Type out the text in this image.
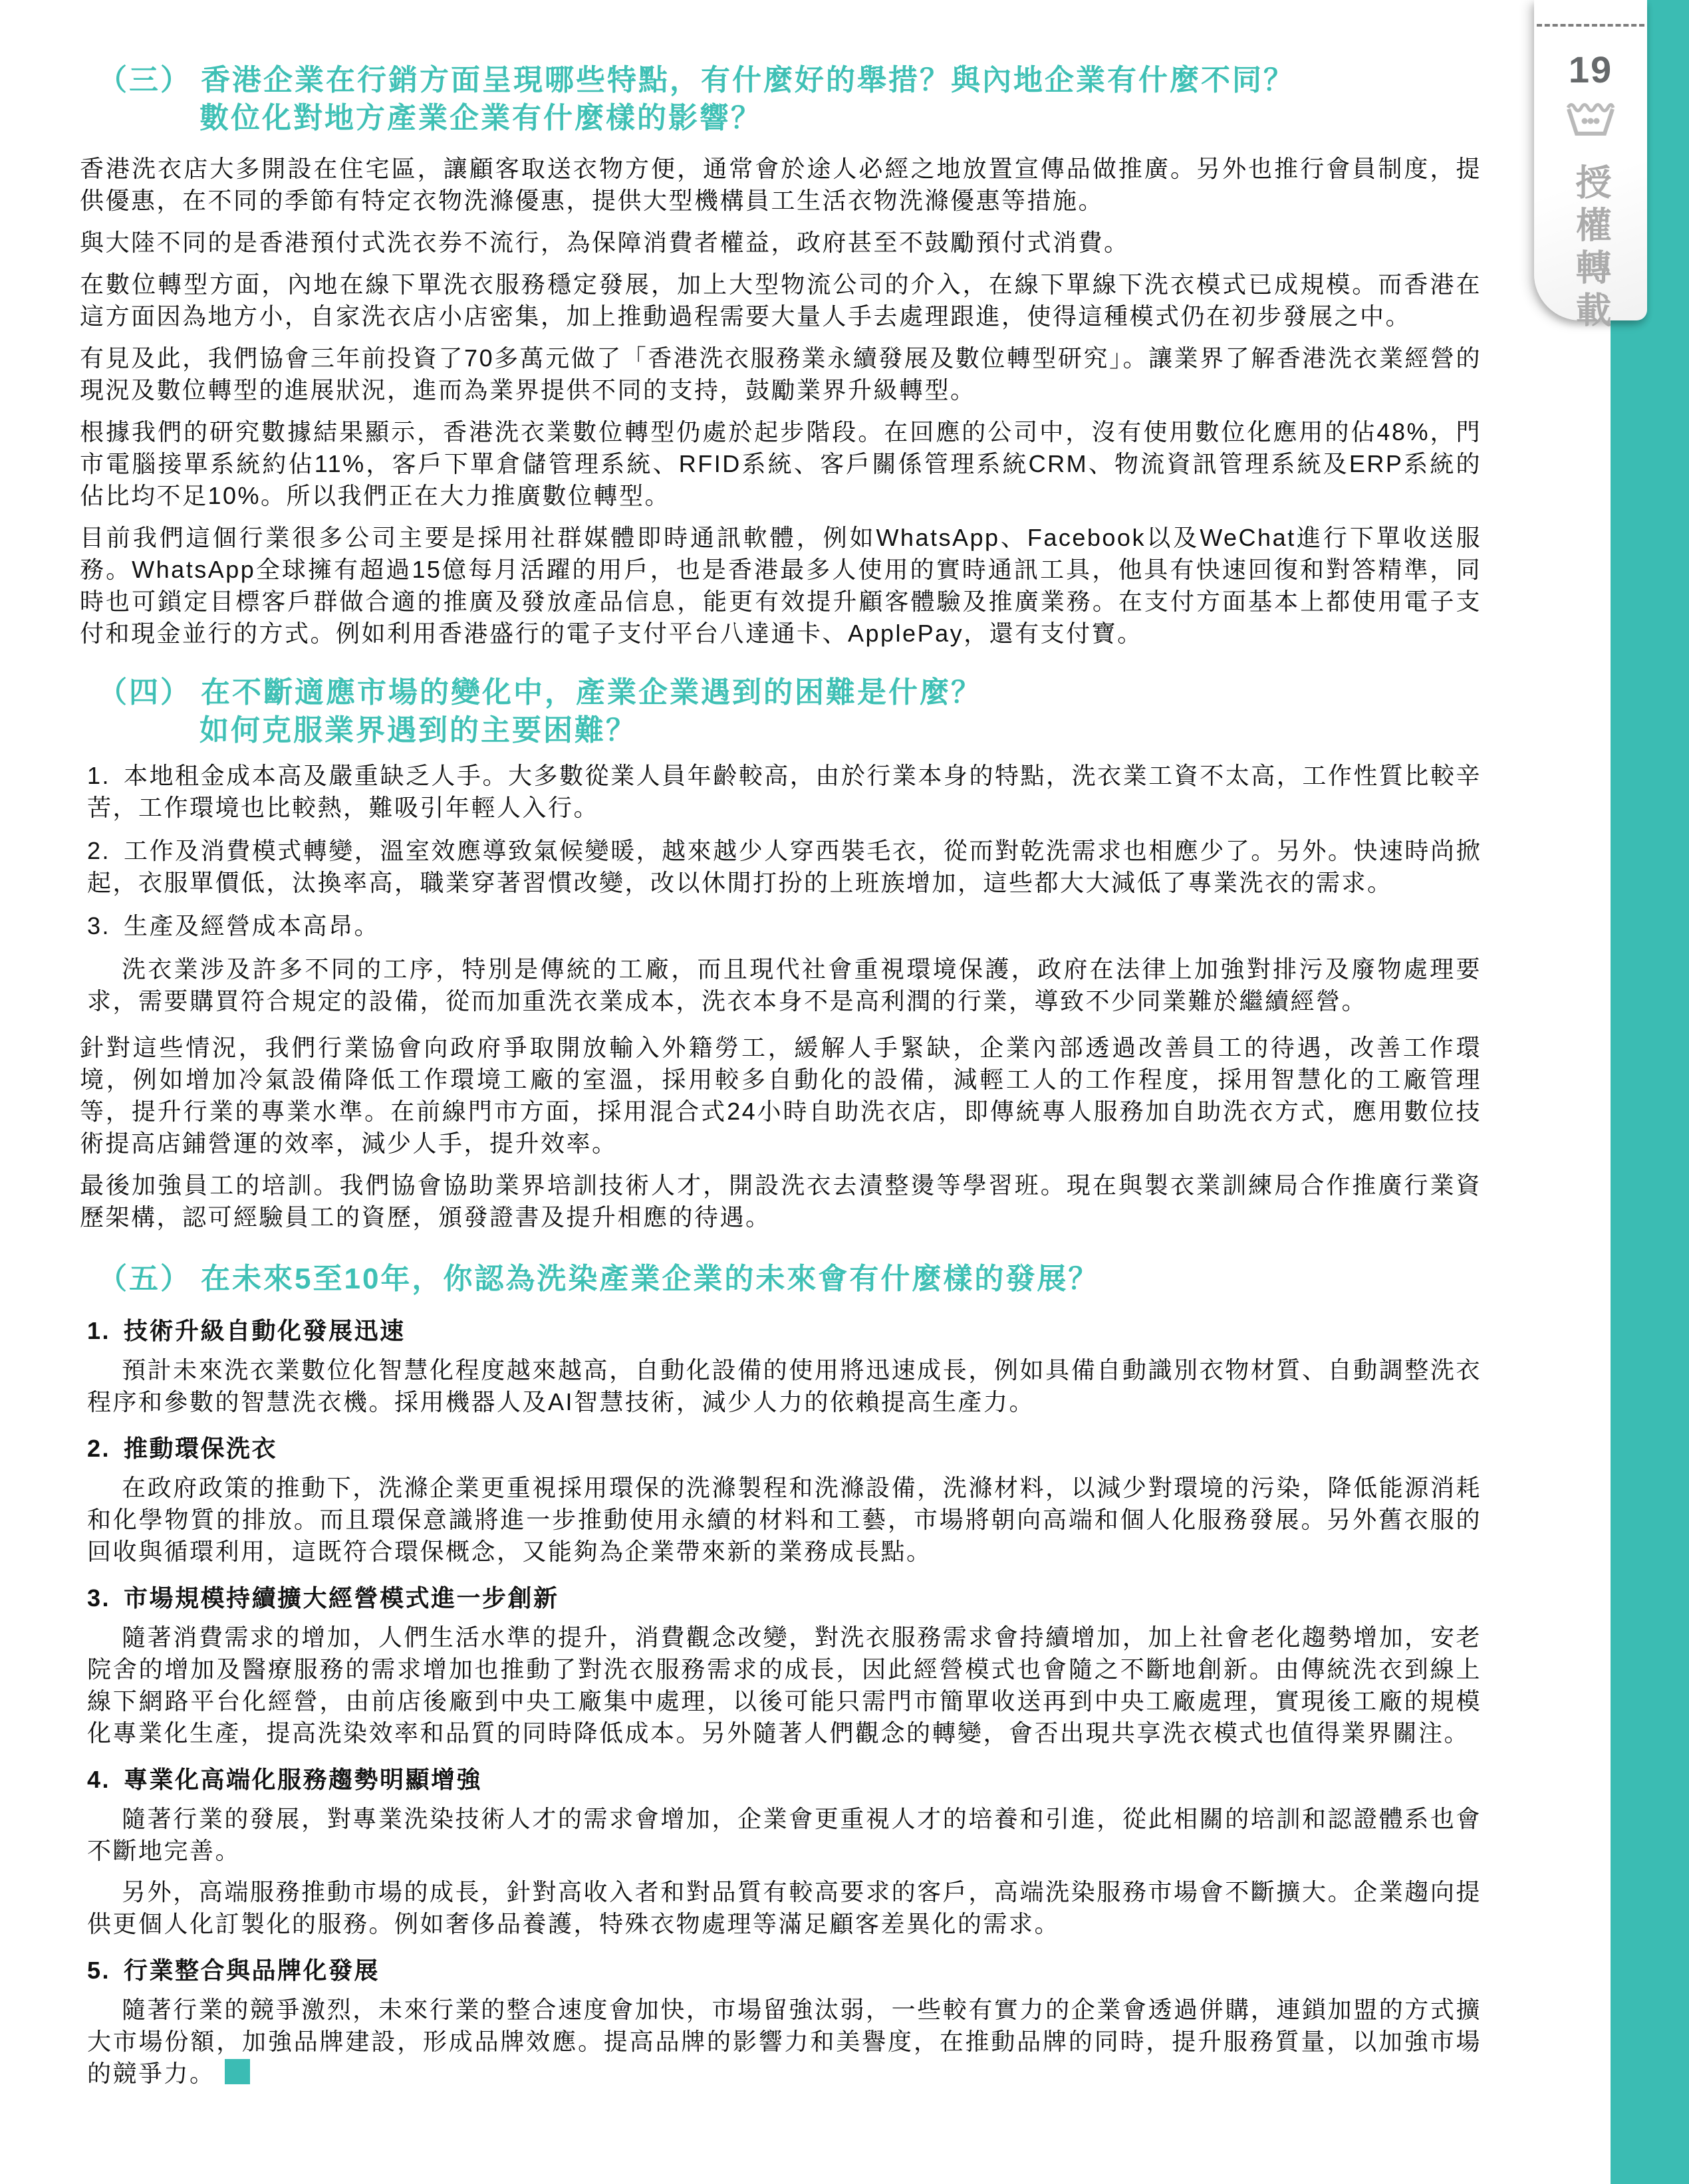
（三） 香港企業在行銷方面呈現哪些特點，有什麼好的舉措？與內地企業有什麼不同？
數位化對地方產業企業有什麼樣的影響？

香港洗衣店大多開設在住宅區，讓顧客取送衣物方便，通常會於途人必經之地放置宣傳品做推廣。另外也推行會員制度，提供優惠，在不同的季節有特定衣物洗滌優惠，提供大型機構員工生活衣物洗滌優惠等措施。

與大陸不同的是香港預付式洗衣券不流行，為保障消費者權益，政府甚至不鼓勵預付式消費。

在數位轉型方面，內地在線下單洗衣服務穩定發展，加上大型物流公司的介入，在線下單線下洗衣模式已成規模。而香港在這方面因為地方小，自家洗衣店小店密集，加上推動過程需要大量人手去處理跟進，使得這種模式仍在初步發展之中。

有見及此，我們協會三年前投資了70多萬元做了「香港洗衣服務業永續發展及數位轉型研究」。讓業界了解香港洗衣業經營的現況及數位轉型的進展狀況，進而為業界提供不同的支持，鼓勵業界升級轉型。

根據我們的研究數據結果顯示，香港洗衣業數位轉型仍處於起步階段。在回應的公司中，沒有使用數位化應用的佔48%，門市電腦接單系統約佔11%，客戶下單倉儲管理系統、RFID系統、客戶關係管理系統CRM、物流資訊管理系統及ERP系統的佔比均不足10%。所以我們正在大力推廣數位轉型。

目前我們這個行業很多公司主要是採用社群媒體即時通訊軟體，例如WhatsApp、Facebook以及WeChat進行下單收送服務。WhatsApp全球擁有超過15億每月活躍的用戶，也是香港最多人使用的實時通訊工具，他具有快速回復和對答精準，同時也可鎖定目標客戶群做合適的推廣及發放產品信息，能更有效提升顧客體驗及推廣業務。在支付方面基本上都使用電子支付和現金並行的方式。例如利用香港盛行的電子支付平台八達通卡、ApplePay，還有支付寶。

（四） 在不斷適應市場的變化中，產業企業遇到的困難是什麼？
如何克服業界遇到的主要困難？
1. 本地租金成本高及嚴重缺乏人手。大多數從業人員年齡較高，由於行業本身的特點，洗衣業工資不太高，工作性質比較辛苦，工作環境也比較熱，難吸引年輕人入行。
2. 工作及消費模式轉變，溫室效應導致氣候變暖，越來越少人穿西裝毛衣，從而對乾洗需求也相應少了。另外。快速時尚掀起，衣服單價低，汰換率高，職業穿著習慣改變，改以休閒打扮的上班族增加，這些都大大減低了專業洗衣的需求。
3. 生產及經營成本高昂。

洗衣業涉及許多不同的工序，特別是傳統的工廠，而且現代社會重視環境保護，政府在法律上加強對排污及廢物處理要求，需要購買符合規定的設備，從而加重洗衣業成本，洗衣本身不是高利潤的行業，導致不少同業難於繼續經營。

針對這些情況，我們行業協會向政府爭取開放輸入外籍勞工，緩解人手緊缺，企業內部透過改善員工的待遇，改善工作環境，例如增加冷氣設備降低工作環境工廠的室溫，採用較多自動化的設備，減輕工人的工作程度，採用智慧化的工廠管理等，提升行業的專業水準。在前線門市方面，採用混合式24小時自助洗衣店，即傳統專人服務加自助洗衣方式，應用數位技術提高店鋪營運的效率，減少人手，提升效率。

最後加強員工的培訓。我們協會協助業界培訓技術人才，開設洗衣去漬整燙等學習班。現在與製衣業訓練局合作推廣行業資歷架構，認可經驗員工的資歷，頒發證書及提升相應的待遇。

（五） 在未來5至10年，你認為洗染產業企業的未來會有什麼樣的發展？
1. 技術升級自動化發展迅速

預計未來洗衣業數位化智慧化程度越來越高，自動化設備的使用將迅速成長，例如具備自動識別衣物材質、自動調整洗衣程序和參數的智慧洗衣機。採用機器人及AI智慧技術，減少人力的依賴提高生產力。

2. 推動環保洗衣

在政府政策的推動下，洗滌企業更重視採用環保的洗滌製程和洗滌設備，洗滌材料，以減少對環境的污染，降低能源消耗和化學物質的排放。而且環保意識將進一步推動使用永續的材料和工藝，市場將朝向高端和個人化服務發展。另外舊衣服的回收與循環利用，這既符合環保概念，又能夠為企業帶來新的業務成長點。

3. 市場規模持續擴大經營模式進一步創新

隨著消費需求的增加，人們生活水準的提升，消費觀念改變，對洗衣服務需求會持續增加，加上社會老化趨勢增加，安老院舍的增加及醫療服務的需求增加也推動了對洗衣服務需求的成長，因此經營模式也會隨之不斷地創新。由傳統洗衣到線上線下網路平台化經營，由前店後廠到中央工廠集中處理，以後可能只需門市簡單收送再到中央工廠處理，實現後工廠的規模化專業化生產，提高洗染效率和品質的同時降低成本。另外隨著人們觀念的轉變，會否出現共享洗衣模式也值得業界關注。

4. 專業化高端化服務趨勢明顯增強

隨著行業的發展，對專業洗染技術人才的需求會增加，企業會更重視人才的培養和引進，從此相關的培訓和認證體系也會不斷地完善。

另外，高端服務推動市場的成長，針對高收入者和對品質有較高要求的客戶，高端洗染服務市場會不斷擴大。企業趨向提供更個人化訂製化的服務。例如奢侈品養護，特殊衣物處理等滿足顧客差異化的需求。

5. 行業整合與品牌化發展

隨著行業的競爭激烈，未來行業的整合速度會加快，市場留強汰弱，一些較有實力的企業會透過併購，連鎖加盟的方式擴大市場份額，加強品牌建設，形成品牌效應。提高品牌的影響力和美譽度，在推動品牌的同時，提升服務質量，以加強市場的競爭力。

19
授權轉載
